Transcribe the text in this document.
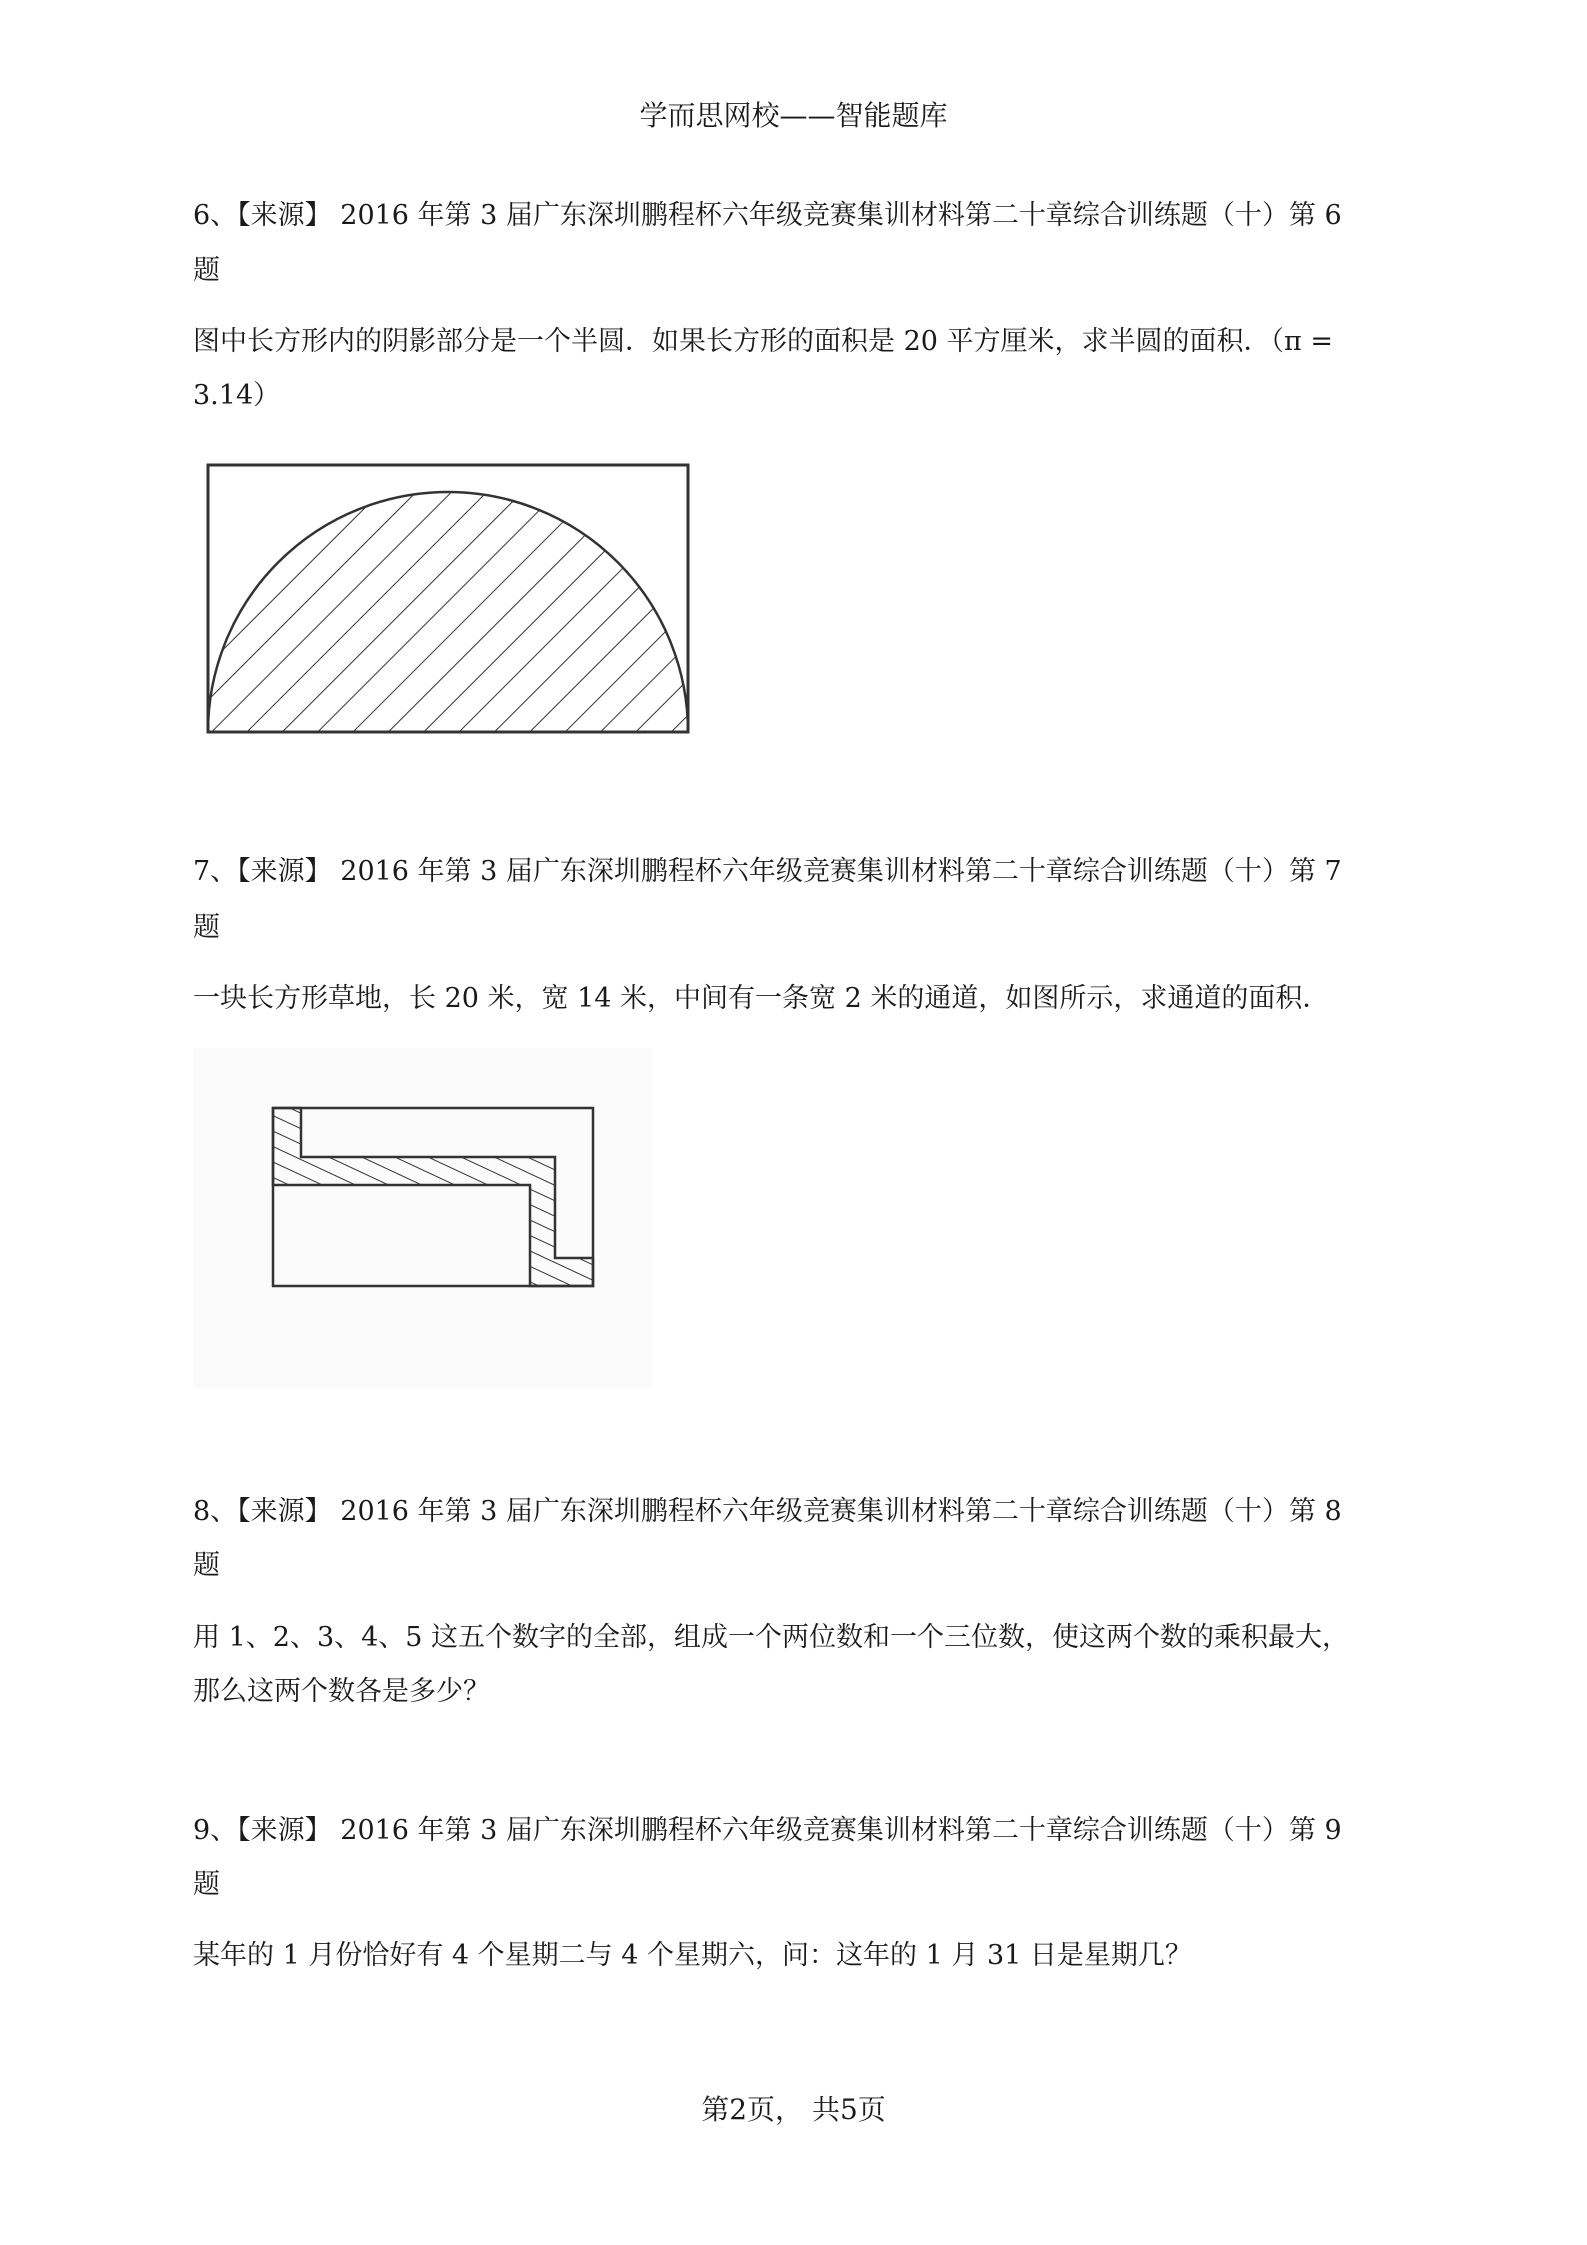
学而思网校——智能题库
6、【来源】 2016 年第 3 届广东深圳鹏程杯六年级竞赛集训材料第二十章综合训练题（十）第 6
题
图中长方形内的阴影部分是一个半圆．如果长方形的面积是 20 平方厘米，求半圆的面积．（π =
3.14）
7、【来源】 2016 年第 3 届广东深圳鹏程杯六年级竞赛集训材料第二十章综合训练题（十）第 7
题
一块长方形草地，长 20 米，宽 14 米，中间有一条宽 2 米的通道，如图所示，求通道的面积．
8、【来源】 2016 年第 3 届广东深圳鹏程杯六年级竞赛集训材料第二十章综合训练题（十）第 8
题
用 1、2、3、4、5 这五个数字的全部，组成一个两位数和一个三位数，使这两个数的乘积最大，
那么这两个数各是多少？
9、【来源】 2016 年第 3 届广东深圳鹏程杯六年级竞赛集训材料第二十章综合训练题（十）第 9
题
某年的 1 月份恰好有 4 个星期二与 4 个星期六，问：这年的 1 月 31 日是星期几？
第2页， 共5页
